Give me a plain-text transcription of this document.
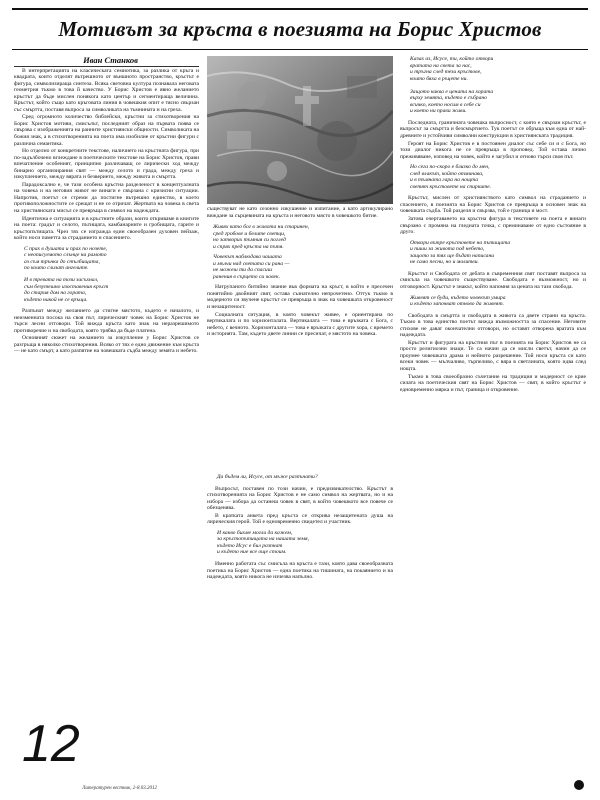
Мотивът за кръста в поезията на Борис Христов

Иван Станков

В интерпретацията на класическата семиотика, за разлика от кръга и квадрата, които отделят вътрешното от външното пространство, кръстът е фигура, символизираща синтеза. Всяка световна култура познавала неговата геометрия тъкмо в това й качество. У Борис Христов е явно желанието кръстът да бъде мислен понякога като център и сегментираща величина. Кръстът, който също като кръговата линия в човешкия опит е тясно свързан със смъртта, поставя въпроса за символиката на тъмнината и на греха.

Сред огромното количество библейски, кръстни за стихотворения на Борис Христов мотиви, смисълът, последният образ на първата поява се свързва с изображенията на ранните християнски общности. Символиката на божия знак, а в стихотворенията на поета има изобилие от кръстни фигури с различна семантика.

Но отделно от конкретните текстове, наличието на кръстната фигура, при по-задълбочено вглеждане в поетическите текстове на Борис Христов, прави впечатление особеният, принципно различаващ се лирически ход между бинарно организирания свят — между селото и града, между греха и изкуплението, между вярата и безверието, между живота и смъртта.

Парадоксално е, че тази особена кръстна разделеност в концептуалната на човека и на неговия живот не винаги е свързана с кризисни ситуации. Напротив, поетът се стреми да постигне вътрешно единство, в което противоположностите се срещат и не се отричат. Жертвата на човека в света на християнската мисъл се превръща в символ на надеждата.

Идентична е ситуацията и в кръстните образи, които откриваме в книгите на поета: градът и селото, пътищата, камбанариите и гробищата, гарите и кръстопътищата. Чрез тях се изгражда един своеобразен духовен пейзаж, който носи паметта за страданието и спасението.

С прах в душата и прах по нозете,
с неописуемото слънце на рамото
аз съм трънка до стълбищата,
по които слизат ангелите.
И в тревата на този засъхнал,
съм безутешно изоставения кръст
до стария дом на гората,
където никой не се връща.

Разпънат между желанието да стигне мястото, където е началото, и неизменната посока на своя път, лирическият човек на Борис Христов не търси лесни отговори. Той вижда кръста като знак на неразрешимото противоречие и на свободата, която трябва да бъде платена.

Основният сюжет на желанието за изкупление у Борис Христов се разгръща в няколко стихотворения. Всяко от тях е едно движение към кръста — не като смърт, а като разпятие на човешката съдба между земята и небето.

съществуват не като сезонно изкушение и изпитание, а като артикулирано виждане за сърцевината на кръста и неговото място в човешкото битие.
Живях като бог в живота ни старинен,
сред гробове и белите светци,
но затворих тъмния си поглед
и спрях пред кръста на пътя.
Човекът наблюдава чашата
и мълчи над светата си рана —
не можеш ти да спасиш
ранения в сърцето си човек.

Натрупаното битийно знание във формата на кръст, в който е пресечен понятийно двойният свят, остава съзнателно непрочетено. Оттук тъкмо в модерното си звучене кръстът се превръща в знак на човешката откровеност и незащитеност.

Социалната ситуация, в която човекът живее, е ориентирана по вертикалата и по хоризонталата. Вертикалата — това е връзката с Бога, с небето, с вечното. Хоризонталата — това е връзката с другите хора, с времето и историята. Там, където двете линии се пресичат, е мястото на човека.

Да бъдем ли, Исусе, от мъже разпънати?

Въпросът, поставен по този начин, е предизвикателство. Кръстът в стихотворенията на Борис Христов е не само символ на жертвата, но и на избора — избора да останеш човек в свят, в който човешкото все повече се обезценява.

В кратката анкета пред кръста се открива незащитената душа на лирическия герой. Той е едновременно свидетел и участник.

И какво бихме могли да кажем,
за кръстопътищата на нашата земя,
където Исус е бил разпнат
и където ние все още стоим.

Именно работата със смисъла на кръста е тази, която дава своеобразната поетика на Борис Христов — една поетика на тишината, на покаянието и на надеждата, която никога не изчезва напълно.

Казах аз, Исусе, ти, който отвори
вратата на света за нас,
и тръгна след тези кръстове,
които бяха в ръцете ни.

Защото каква е цената на хората
върху земята, където е събрано
всичко, което носим в себе си
и което ни прави живи.

Последната, граничната човешка въпросност, с която е свързан кръстът, е въпросът за смъртта и безсмъртието. Тук поетът се обръща към една от най-древните и устойчиви символни конструкции в християнската традиция.

Героят на Борис Христов е в постоянен диалог със себе си и с Бога, но този диалог никога не се превръща в проповед. Той остава лично преживяване, изповед на човек, който е загубил и отново търси своя път.

Но сега по-скоро е близко до мен,
след влакът, който отминава,
и в тъмната гара на нощта
светят кръстовете на спирките.

Кръстът, мислен от християнството като символ на страданието и спасението, в поезията на Борис Христов се превръща в основен знак на човешката съдба. Той разделя и свързва, той е граница и мост.

Затова очертаването на кръстна фигура в текстовете на поета е винаги свързано с промяна на гледната точка, с преминаване от едно състояние в друго.

Отвори вътре кръстовете на пътищата
и пиши за живота под небето,
защото за тях ще бъдат написани
не само песни, но и молитви.

Кръстът и Свободата от дебата в съвременния свят поставят въпроса за смисъла на човешкото съществуване. Свободата е възможност, но и отговорност. Кръстът е знакът, който напомня за цената на тази свобода.

Живеят се буди, където човекът умира
и където започват отново да живеят.

Свободата в смъртта и свободата в живота са двете страни на кръста. Тъкмо в това единство поетът вижда възможността за спасение. Неговите стихове не дават окончателни отговори, но оставят отворена вратата към надеждата.

Кръстът и фигурата на кръстния път в поезията на Борис Христов не са просто религиозни знаци. Те са начин да се мисли светът, начин да се проумее човешката драма и нейното разрешение. Той носи кръста си като всеки човек — мълчаливо, търпеливо, с вяра в светлината, която идва след нощта.

Тъкмо в това своеобразно съчетание на традиция и модерност се крие силата на поетическия свят на Борис Христов — свят, в който кръстът е едновременно мярка и път, граница и откровение.

12
Литературен вестник, 2-8.03.2012
